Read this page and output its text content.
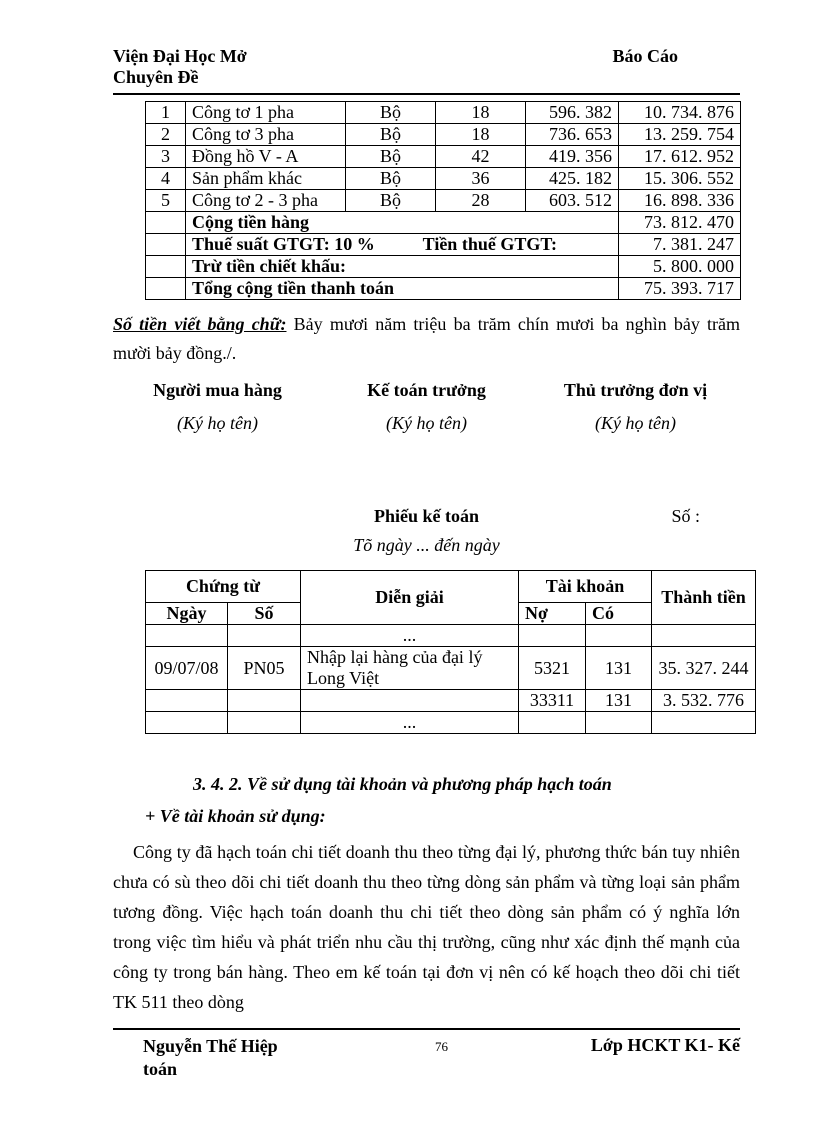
Viện Đại Học Mở
Chuyên Đề
Báo Cáo
1	Công tơ 1 pha	Bộ	18	596. 382	10. 734. 876
2	Công tơ 3 pha	Bộ	18	736. 653	13. 259. 754
3	Đồng hồ V - A	Bộ	42	419. 356	17. 612. 952
4	Sản phẩm khác	Bộ	36	425. 182	15. 306. 552
5	Công tơ 2 - 3 pha	Bộ	28	603. 512	16. 898. 336
	Cộng tiền hàng				73. 812. 470

	Thuế suất GTGT: 10 % Tiền thuế GTGT:				7. 381. 247
	Trừ tiền chiết khấu:				5. 800. 000
	Tổng cộng tiền thanh toán				75. 393. 717

Số tiền viết bằng chữ: Bảy mươi năm triệu ba trăm chín mươi ba nghìn bảy trăm mười bảy đồng./.

Người mua hàng
(Ký họ tên)
Kế toán trưởng
(Ký họ tên)
Thủ trưởng đơn vị
(Ký họ tên)
Phiếu kế toán	Số :
Tõ ngày ... đến ngày
Chứng từ		Diễn giải	Tài khoản		Thành tiền
Ngày	Số		Nợ	Có	
		...			
09/07/08	PN05	Nhập lại hàng của đại lý Long Việt	5321	131	35. 327. 244
			33311	131	3. 532. 776
		...			

3. 4. 2. Về sử dụng tài khoản và phương pháp hạch toán

+ Về tài khoản sử dụng:

Công ty đã hạch toán chi tiết doanh thu theo từng đại lý, phương thức bán tuy nhiên chưa có sù theo dõi chi tiết doanh thu theo từng dòng sản phẩm và từng loại sản phẩm tương đồng. Việc hạch toán doanh thu chi tiết theo dòng sản phẩm có ý nghĩa lớn trong việc tìm hiểu và phát triển nhu cầu thị trường, cũng như xác định thế mạnh của công ty trong bán hàng. Theo em kế toán tại đơn vị nên có kế hoạch theo dõi chi tiết TK 511 theo dòng

Nguyễn Thế Hiệp
toán
76	Lớp HCKT K1- Kế
